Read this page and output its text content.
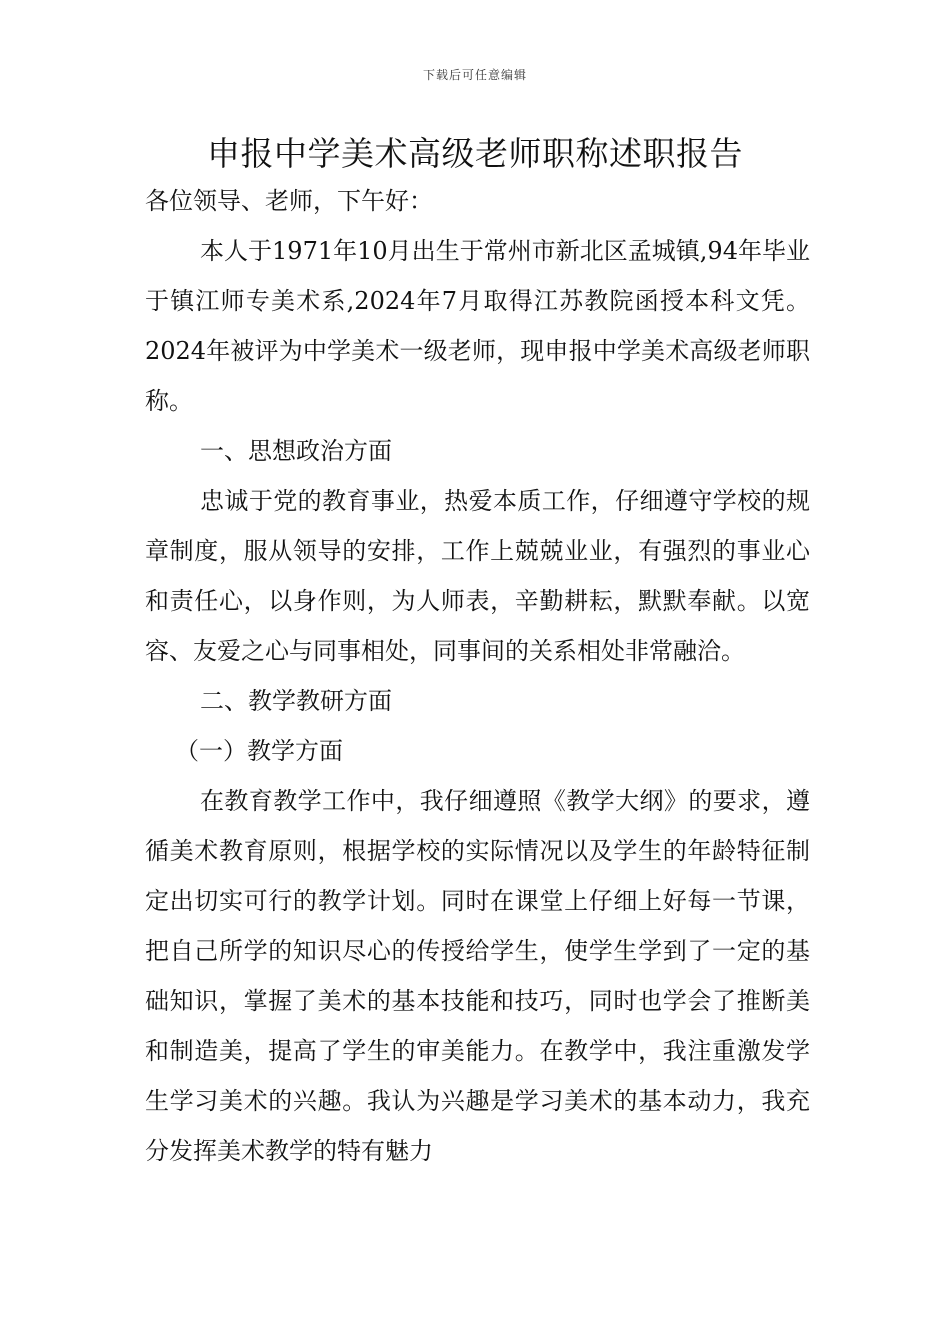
下载后可任意编辑
申报中学美术高级老师职称述职报告

各位领导、老师，下午好：

本人于1971年10月出生于常州市新北区孟城镇,94年毕业于镇江师专美术系,2024年7月取得江苏教院函授本科文凭。2024年被评为中学美术一级老师，现申报中学美术高级老师职称。

一、思想政治方面

忠诚于党的教育事业，热爱本质工作，仔细遵守学校的规章制度，服从领导的安排，工作上兢兢业业，有强烈的事业心和责任心，以身作则，为人师表，辛勤耕耘，默默奉献。以宽容、友爱之心与同事相处，同事间的关系相处非常融洽。

二、教学教研方面

（一）教学方面

在教育教学工作中，我仔细遵照《教学大纲》的要求，遵循美术教育原则，根据学校的实际情况以及学生的年龄特征制定出切实可行的教学计划。同时在课堂上仔细上好每一节课，把自己所学的知识尽心的传授给学生，使学生学到了一定的基础知识，掌握了美术的基本技能和技巧，同时也学会了推断美和制造美，提高了学生的审美能力。在教学中，我注重激发学生学习美术的兴趣。我认为兴趣是学习美术的基本动力，我充分发挥美术教学的特有魅力
